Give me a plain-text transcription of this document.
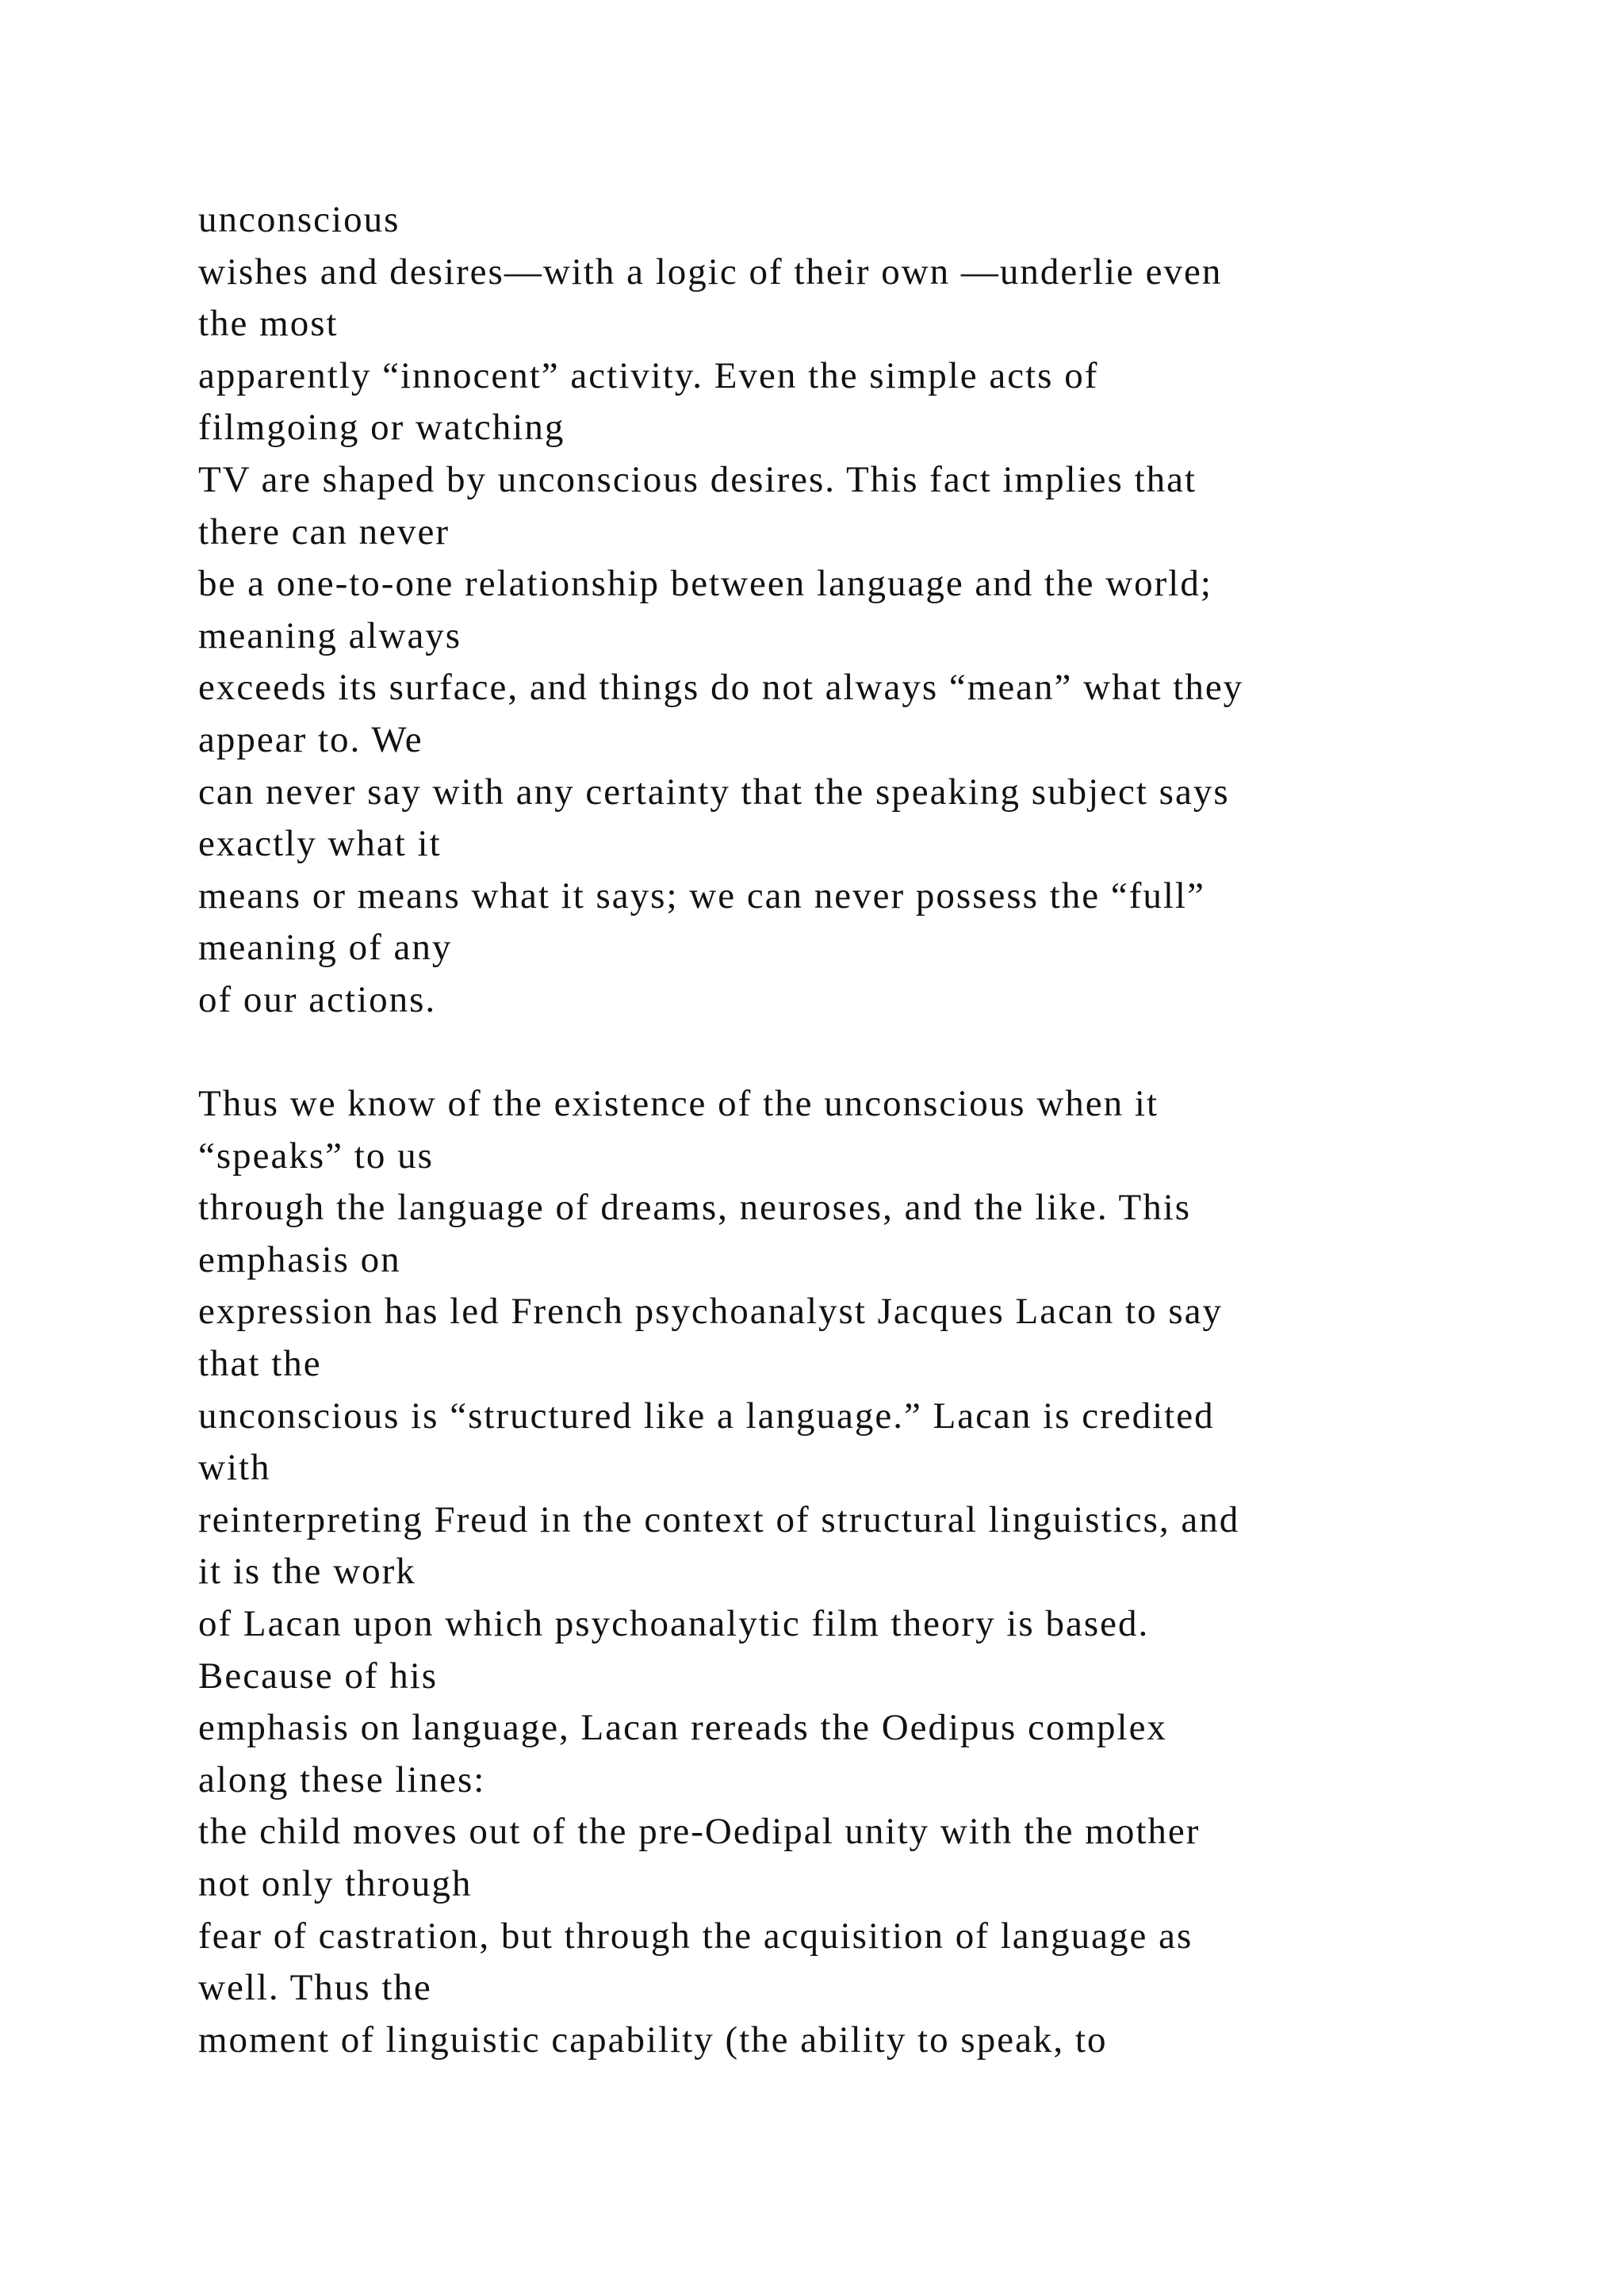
unconscious
wishes and desires—with a logic of their own —underlie even
the most
apparently “innocent” activity. Even the simple acts of
filmgoing or watching
TV are shaped by unconscious desires. This fact implies that
there can never
be a one-to-one relationship between language and the world;
meaning always
exceeds its surface, and things do not always “mean” what they
appear to. We
can never say with any certainty that the speaking subject says
exactly what it
means or means what it says; we can never possess the “full”
meaning of any
of our actions.
Thus we know of the existence of the unconscious when it
“speaks” to us
through the language of dreams, neuroses, and the like. This
emphasis on
expression has led French psychoanalyst Jacques Lacan to say
that the
unconscious is “structured like a language.” Lacan is credited
with
reinterpreting Freud in the context of structural linguistics, and
it is the work
of Lacan upon which psychoanalytic film theory is based.
Because of his
emphasis on language, Lacan rereads the Oedipus complex
along these lines:
the child moves out of the pre-Oedipal unity with the mother
not only through
fear of castration, but through the acquisition of language as
well. Thus the
moment of linguistic capability (the ability to speak, to
